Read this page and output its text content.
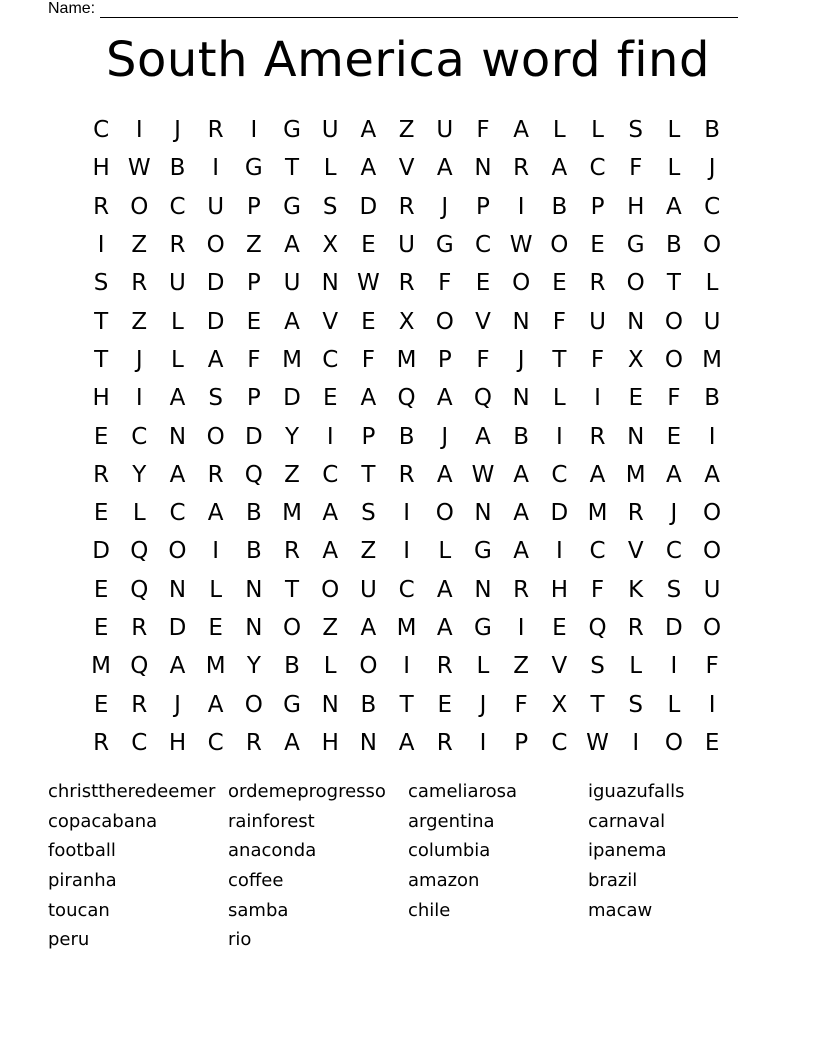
Name:
South America word find
C	I	J	R	I	G U A Z U	F	A	L	L	S	L	B
H W B	I	G T	L	A V A N R A C	F	L	J
R O C U P G S D R	J	P	I	B	P H A C
I	Z R O Z A X	E U G C W O E G B O
S R U D P U N W R	F	E O E R O T	L
T	Z	L D E	A V	E	X O V N F	U N O U
T	J	L	A	F M C	F M P	F	J	T	F	X O M
H	I	A	S	P D E	A Q A Q N	L	I	E	F	B
E C N O D Y	I	P	B	J	A B	I	R N E	I
R	Y	A R Q Z C	T	R A W A C A M A A
E	L	C A B M A	S	I	O N A D M R	J	O
D Q O	I	B R A Z	I	L G A	I	C V C O
E Q N	L	N T O U C A N R H F	K	S U
E R D E N O Z A M A G	I	E Q R D O
M Q A M Y	B	L O	I	R	L	Z V	S	L	I	F
E R	J	A O G N B	T	E	J	F	X	T	S	L	I
R C H C R A H N A R	I	P	C W	I	O E
christtheredeemer ordemeprogresso	cameliarosa	iguazufalls
copacabana	rainforest	argentina	carnaval
football	anaconda	columbia	ipanema
piranha	coffee	amazon	brazil
toucan	samba	chile	macaw
peru	rio
